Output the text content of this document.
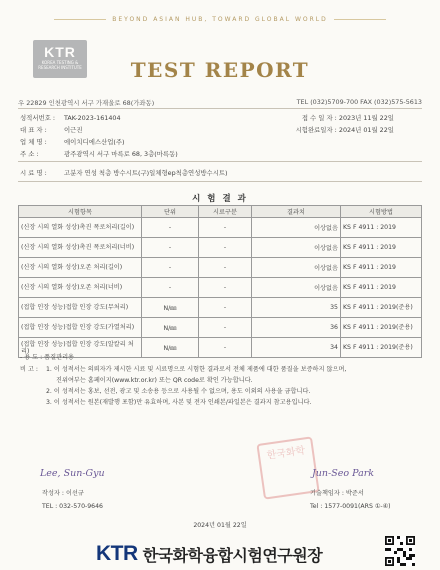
BEYOND ASIAN HUB, TOWARD GLOBAL WORLD
KTR
KOREA TESTING & RESEARCH INSTITUTE	TEST REPORT
우 22829 인천광역시 서구 가재울로 68(가좌동)	TEL (032)5709-700 FAX (032)575-5613
성적서번호 : TAK-2023-161404	접 수 일 자 : 2023년 11월 22일
대 표 자 :	이근진	시험완료일자 : 2024년 01월 22일
업 체 명 :	에이치디에스산업(주)
주 소 :	광주광역시 서구 마륵로 68, 3층(마륵동)
시 료 명 :	고분자 연성 척층 방수시트(구)일체형ep척층연성방수시트)
시 험 결 과
시험항목	단위	시료구분	결과치	시험방법
(신장 시의 열화 성상)촉진 폭로처리(길이)	-	-	이상없음	KS F 4911 : 2019
(신장 시의 열화 성상)촉진 폭로처리(너비)	-	-	이상없음	KS F 4911 : 2019
(신장 시의 열화 성상)오존 처리(길이)	-	-	이상없음	KS F 4911 : 2019
(신장 시의 열화 성상)오존 처리(너비)	-	-	이상없음	KS F 4911 : 2019
(접합 인장 성능)접합 인장 강도(무처리)	N/㎜	-	35	KS F 4911 : 2019(준용)
(접합 인장 성능)접합 인장 강도(가열처리)	N/㎜	-	36	KS F 4911 : 2019(준용)
(접합 인장 성능)접합 인장 강도(알칼리 처리)	N/㎜	-	34	KS F 4911 : 2019(준용)
- 용 도 : 품질관리용
비 고 : 1. 이 성적서는 의뢰자가 제시한 시료 및 시료명으로 시험한 결과로서 전체 제품에 대한 품질을 보증하지 않으며,
진위여부는 홈페이지(www.ktr.or.kr) 또는 QR code로 확인 가능합니다.
2. 이 성적서는 홍보, 선전, 광고 및 소송용 등으로 사용될 수 없으며, 용도 이외의 사용을 금합니다.
3. 이 성적서는 원본(재발행 포함)만 유효하며, 사본 및 전자 인쇄본/파일본은 결과지 참고용입니다.
한국화학
Lee, Sun-Gyu
작성자 : 이선규
TEL : 032-570-9646
Jun-Seo Park
기술책임자 : 박준서
Tel : 1577-0091(ARS ①-④)
2024년 01월 22일
KTR 한국화학융합시험연구원장
